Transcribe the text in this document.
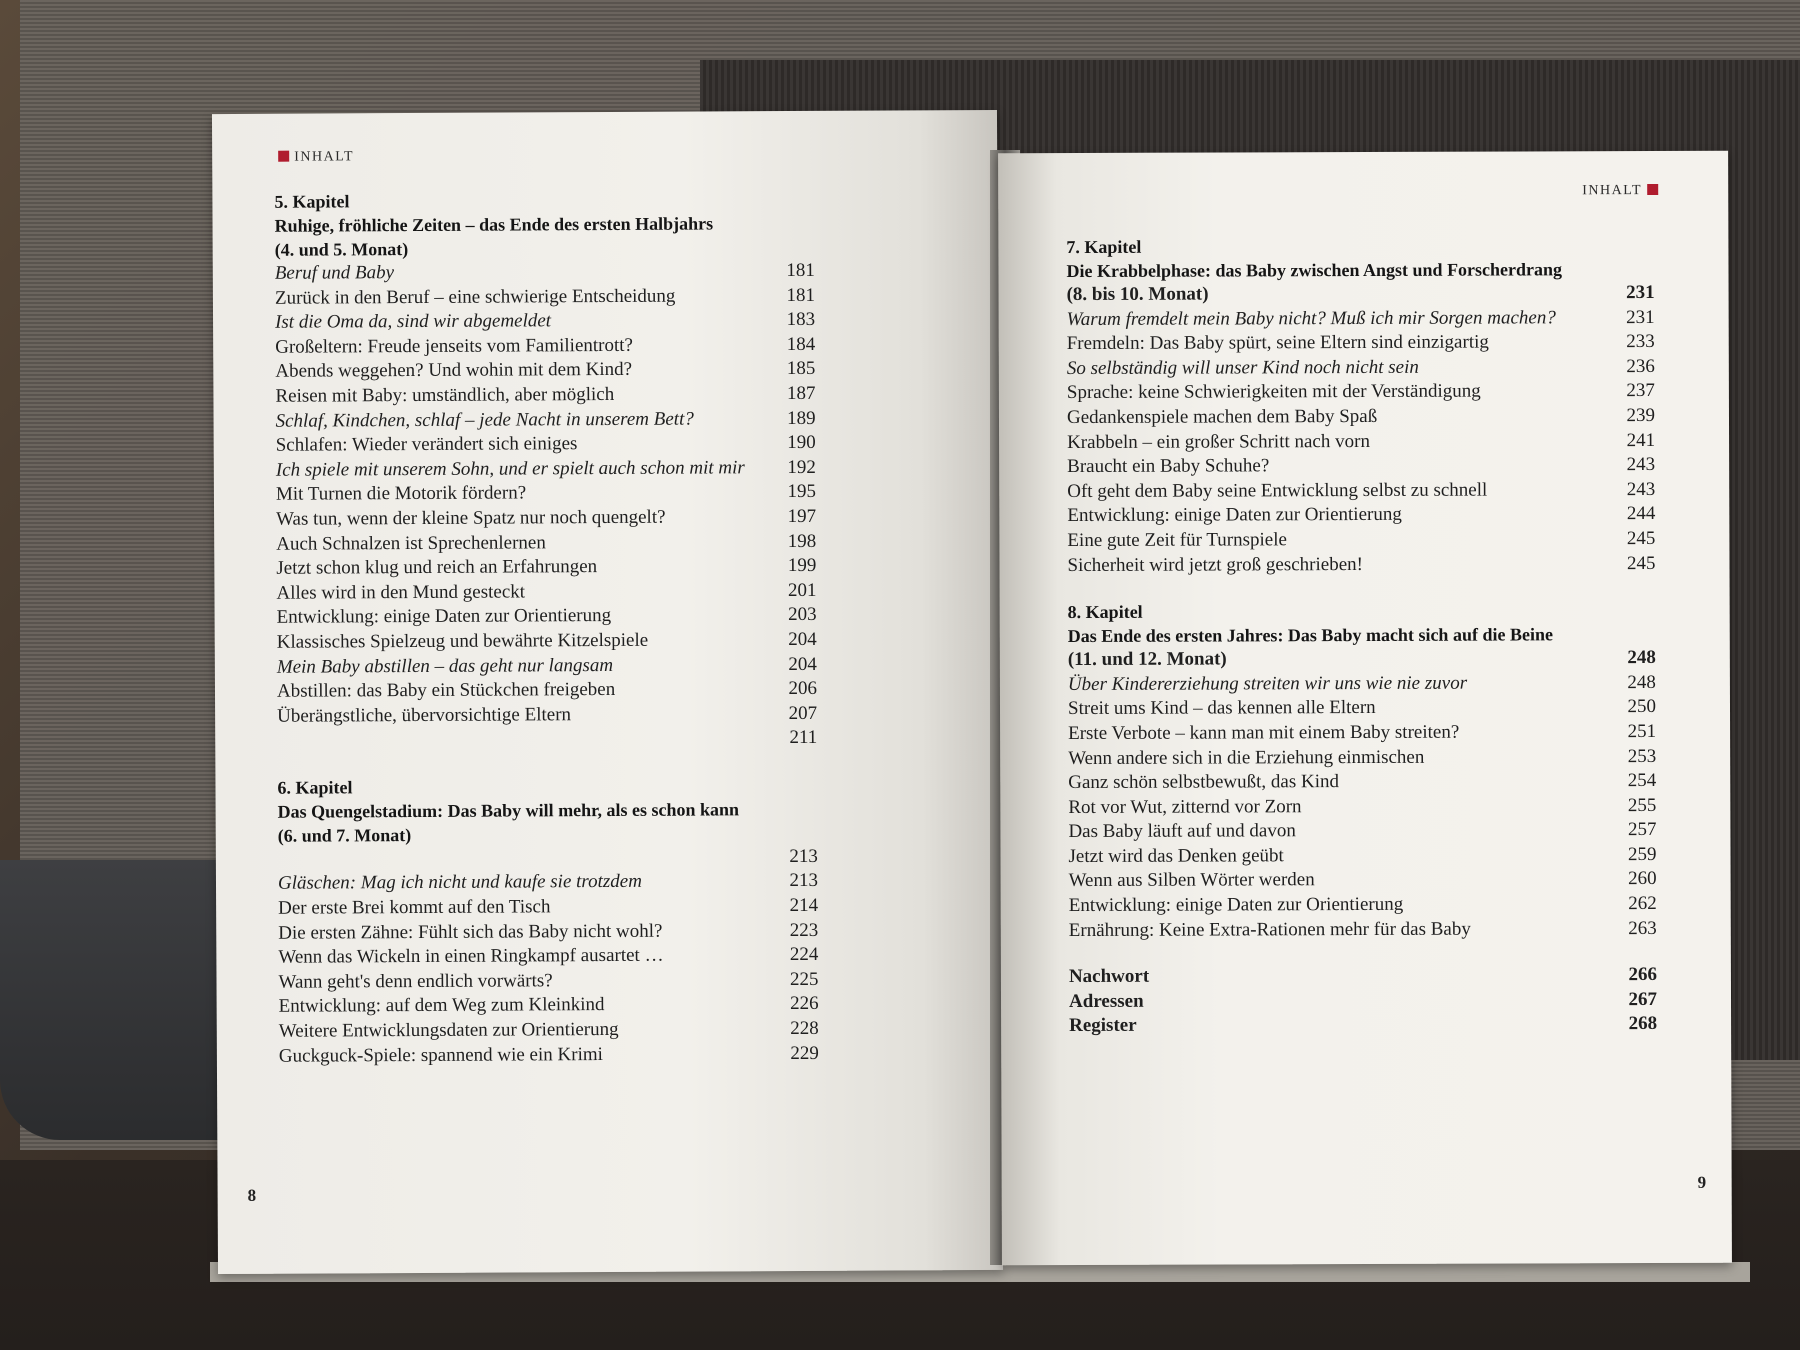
INHALT
5. Kapitel
Ruhige, fröhliche Zeiten – das Ende des ersten Halbjahrs
(4. und 5. Monat)
Beruf und Baby	181
Zurück in den Beruf – eine schwierige Entscheidung	181
Ist die Oma da, sind wir abgemeldet	183
Großeltern: Freude jenseits vom Familientrott?	184
Abends weggehen? Und wohin mit dem Kind?	185
Reisen mit Baby: umständlich, aber möglich	187
Schlaf, Kindchen, schlaf – jede Nacht in unserem Bett?	189
Schlafen: Wieder verändert sich einiges	190
Ich spiele mit unserem Sohn, und er spielt auch schon mit mir 192
Mit Turnen die Motorik fördern?	195
Was tun, wenn der kleine Spatz nur noch quengelt?	197
Auch Schnalzen ist Sprechenlernen	198
Jetzt schon klug und reich an Erfahrungen	199
Alles wird in den Mund gesteckt	201
Entwicklung: einige Daten zur Orientierung	203
Klassisches Spielzeug und bewährte Kitzelspiele	204
Mein Baby abstillen – das geht nur langsam	204
Abstillen: das Baby ein Stückchen freigeben	206
Überängstliche, übervorsichtige Eltern	207
211
6. Kapitel
Das Quengelstadium: Das Baby will mehr, als es schon kann
(6. und 7. Monat)
213
Gläschen: Mag ich nicht und kaufe sie trotzdem	213
Der erste Brei kommt auf den Tisch	214
Die ersten Zähne: Fühlt sich das Baby nicht wohl?	223
Wenn das Wickeln in einen Ringkampf ausartet …	224
Wann geht's denn endlich vorwärts?	225
Entwicklung: auf dem Weg zum Kleinkind	226
Weitere Entwicklungsdaten zur Orientierung	228
Guckguck-Spiele: spannend wie ein Krimi	229
8
INHALT
7. Kapitel
Die Krabbelphase: das Baby zwischen Angst und Forscherdrang
(8. bis 10. Monat)	231
Warum fremdelt mein Baby nicht? Muß ich mir Sorgen machen?	231
Fremdeln: Das Baby spürt, seine Eltern sind einzigartig	233
So selbständig will unser Kind noch nicht sein	236
Sprache: keine Schwierigkeiten mit der Verständigung	237
Gedankenspiele machen dem Baby Spaß	239
Krabbeln – ein großer Schritt nach vorn	241
Braucht ein Baby Schuhe?	243
Oft geht dem Baby seine Entwicklung selbst zu schnell	243
Entwicklung: einige Daten zur Orientierung	244
Eine gute Zeit für Turnspiele	245
Sicherheit wird jetzt groß geschrieben!	245
8. Kapitel
Das Ende des ersten Jahres: Das Baby macht sich auf die Beine
(11. und 12. Monat)	248
Über Kindererziehung streiten wir uns wie nie zuvor	248
Streit ums Kind – das kennen alle Eltern	250
Erste Verbote – kann man mit einem Baby streiten?	251
Wenn andere sich in die Erziehung einmischen	253
Ganz schön selbstbewußt, das Kind	254
Rot vor Wut, zitternd vor Zorn	255
Das Baby läuft auf und davon	257
Jetzt wird das Denken geübt	259
Wenn aus Silben Wörter werden	260
Entwicklung: einige Daten zur Orientierung	262
Ernährung: Keine Extra-Rationen mehr für das Baby	263
Nachwort	266
Adressen	267
Register	268
9
